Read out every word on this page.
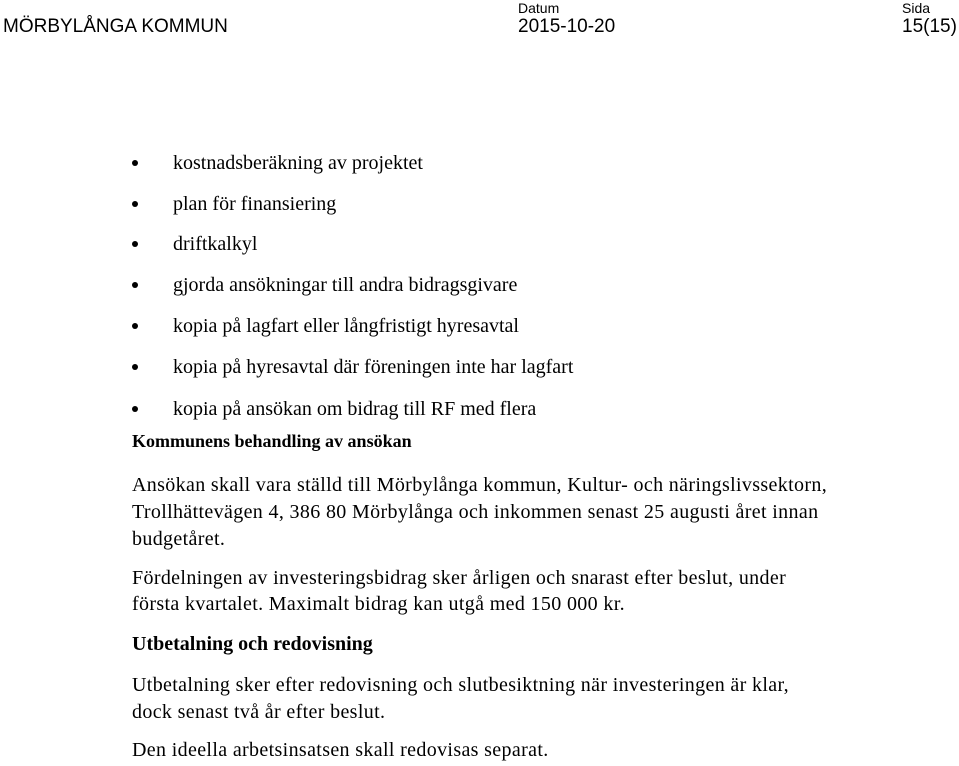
MÖRBYLÅNGA KOMMUN
Datum
2015-10-20
Sida
15(15)
kostnadsberäkning av projektet
plan för finansiering
driftkalkyl
gjorda ansökningar till andra bidragsgivare
kopia på lagfart eller långfristigt hyresavtal
kopia på hyresavtal där föreningen inte har lagfart
kopia på ansökan om bidrag till RF med flera
Kommunens behandling av ansökan
Ansökan skall vara ställd till Mörbylånga kommun, Kultur- och näringslivssektorn, Trollhättevägen 4, 386 80 Mörbylånga och inkommen senast 25 augusti året innan budgetåret.
Fördelningen av investeringsbidrag sker årligen och snarast efter beslut, under första kvartalet. Maximalt bidrag kan utgå med 150 000 kr.
Utbetalning och redovisning
Utbetalning sker efter redovisning och slutbesiktning när investeringen är klar, dock senast två år efter beslut.
Den ideella arbetsinsatsen skall redovisas separat.
